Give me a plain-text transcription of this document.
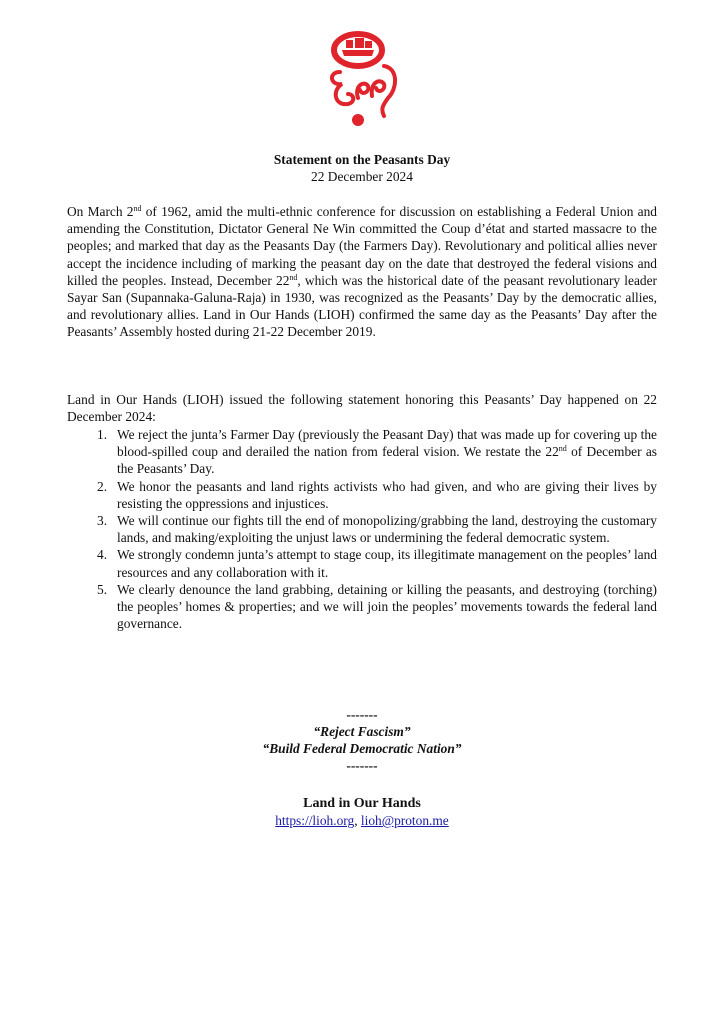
Statement on the Peasants Day
22 December 2024

On March 2nd of 1962, amid the multi-ethnic conference for discussion on establishing a Federal Union and amending the Constitution, Dictator General Ne Win committed the Coup d’état and started massacre to the peoples; and marked that day as the Peasants Day (the Farmers Day). Revolutionary and political allies never accept the incidence including of marking the peasant day on the date that destroyed the federal visions and killed the peoples. Instead, December 22nd, which was the historical date of the peasant revolutionary leader Sayar San (Supannaka-Galuna-Raja) in 1930, was recognized as the Peasants’ Day by the democratic allies, and revolutionary allies. Land in Our Hands (LIOH) confirmed the same day as the Peasants’ Day after the Peasants’ Assembly hosted during 21-22 December 2019.

Land in Our Hands (LIOH) issued the following statement honoring this Peasants’ Day happened on 22 December 2024:

1. We reject the junta’s Farmer Day (previously the Peasant Day) that was made up for covering up the blood-spilled coup and derailed the nation from federal vision. We restate the 22nd of December as the Peasants’ Day.
2. We honor the peasants and land rights activists who had given, and who are giving their lives by resisting the oppressions and injustices.
3. We will continue our fights till the end of monopolizing/grabbing the land, destroying the customary lands, and making/exploiting the unjust laws or undermining the federal democratic system.
4. We strongly condemn junta’s attempt to stage coup, its illegitimate management on the peoples’ land resources and any collaboration with it.
5. We clearly denounce the land grabbing, detaining or killing the peasants, and destroying (torching) the peoples’ homes & properties; and we will join the peoples’ movements towards the federal land governance.
-------
“Reject Fascism”
“Build Federal Democratic Nation”
-------
Land in Our Hands
https://lioh.org, lioh@proton.me
